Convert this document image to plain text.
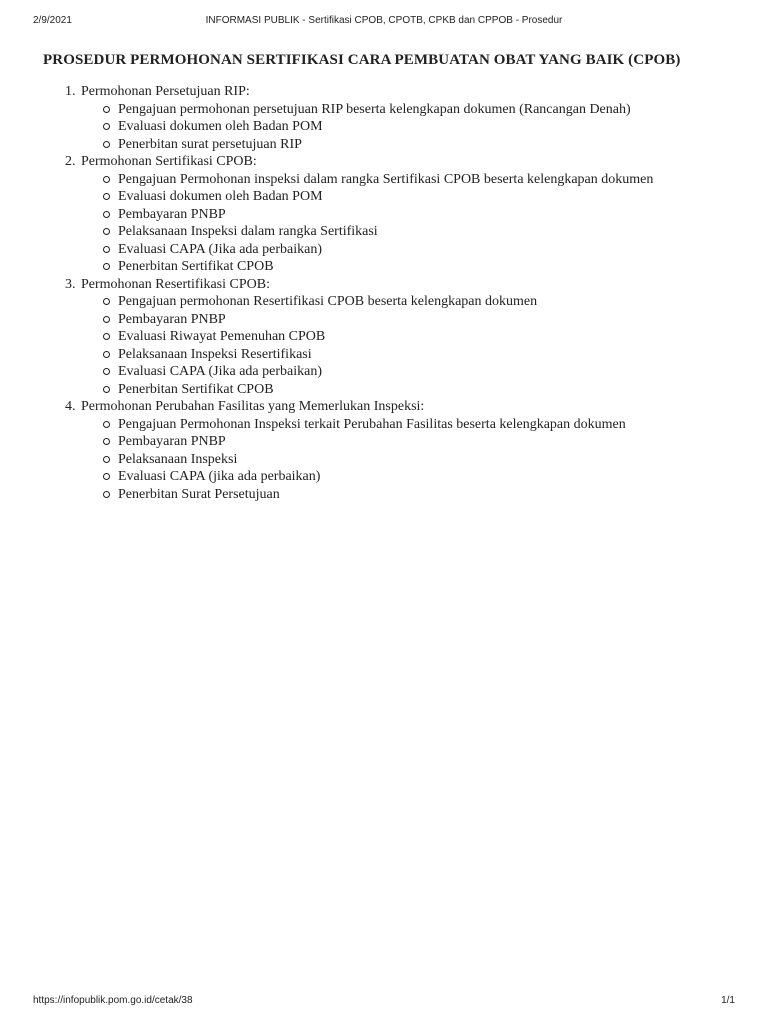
2/9/2021	INFORMASI PUBLIK - Sertifikasi CPOB, CPOTB, CPKB dan CPPOB - Prosedur
PROSEDUR PERMOHONAN SERTIFIKASI CARA PEMBUATAN OBAT YANG BAIK (CPOB)
1. Permohonan Persetujuan RIP:
Pengajuan permohonan persetujuan RIP beserta kelengkapan dokumen (Rancangan Denah)
Evaluasi dokumen oleh Badan POM
Penerbitan surat persetujuan RIP
2. Permohonan Sertifikasi CPOB:
Pengajuan Permohonan inspeksi dalam rangka Sertifikasi CPOB beserta kelengkapan dokumen
Evaluasi dokumen oleh Badan POM
Pembayaran PNBP
Pelaksanaan Inspeksi dalam rangka Sertifikasi
Evaluasi CAPA (Jika ada perbaikan)
Penerbitan Sertifikat CPOB
3. Permohonan Resertifikasi CPOB:
Pengajuan permohonan Resertifikasi CPOB beserta kelengkapan dokumen
Pembayaran PNBP
Evaluasi Riwayat Pemenuhan CPOB
Pelaksanaan Inspeksi Resertifikasi
Evaluasi CAPA (Jika ada perbaikan)
Penerbitan Sertifikat CPOB
4. Permohonan Perubahan Fasilitas yang Memerlukan Inspeksi:
Pengajuan Permohonan Inspeksi terkait Perubahan Fasilitas beserta kelengkapan dokumen
Pembayaran PNBP
Pelaksanaan Inspeksi
Evaluasi CAPA (jika ada perbaikan)
Penerbitan Surat Persetujuan
https://infopublik.pom.go.id/cetak/38	1/1
